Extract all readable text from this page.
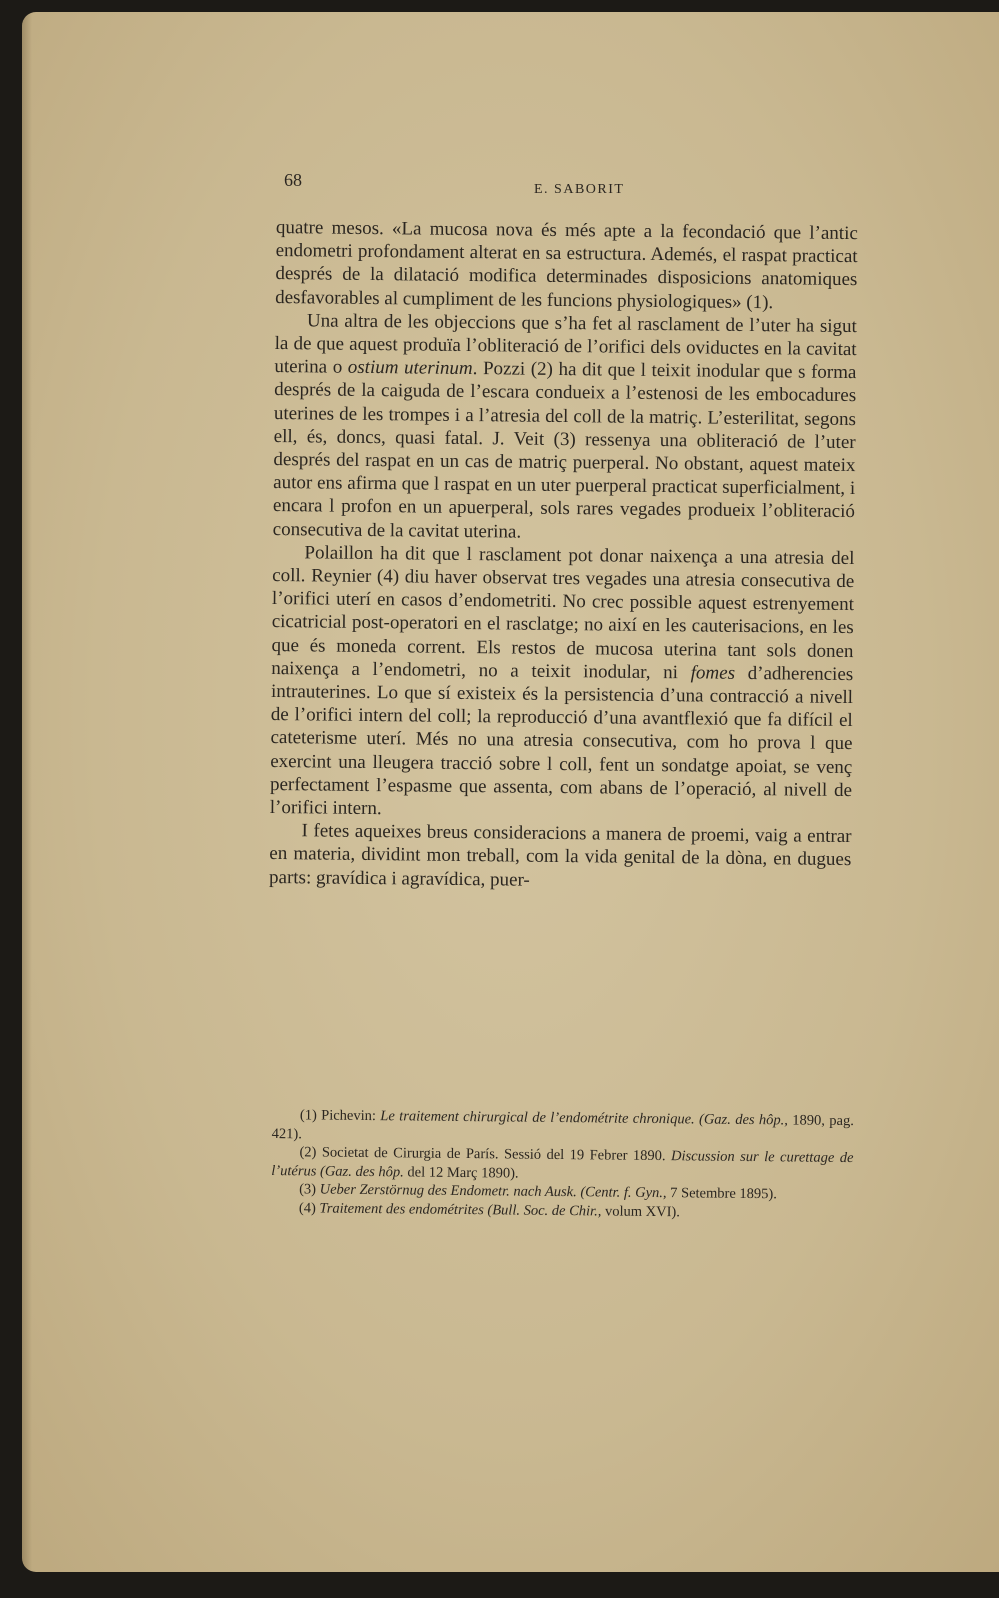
68	E. SABORIT

quatre mesos. «La mucosa nova és més apte a la fecondació que l’antic endometri profondament alterat en sa estructura. Ademés, el raspat practicat després de la dilatació modifica determinades disposicions anatomiques desfavorables al cumpliment de les funcions physiologiques» (1).

Una altra de les objeccions que s’ha fet al rasclament de l’uter ha sigut la de que aquest produïa l’obliteració de l’orifici dels oviductes en la cavitat uterina o ostium uterinum. Pozzi (2) ha dit que l teixit inodular que s forma després de la caiguda de l’escara condueix a l’estenosi de les embocadures uterines de les trompes i a l’atresia del coll de la matriç. L’esterilitat, segons ell, és, doncs, quasi fatal. J. Veit (3) ressenya una obliteració de l’uter després del raspat en un cas de matriç puerperal. No obstant, aquest mateix autor ens afirma que l raspat en un uter puerperal practicat superficialment, i encara l profon en un apuerperal, sols rares vegades produeix l’obliteració consecutiva de la cavitat uterina.

Polaillon ha dit que l rasclament pot donar naixença a una atresia del coll. Reynier (4) diu haver observat tres vegades una atresia consecutiva de l’orifici uterí en casos d’endometriti. No crec possible aquest estrenyement cicatricial post-operatori en el rasclatge; no així en les cauterisacions, en les que és moneda corrent. Els restos de mucosa uterina tant sols donen naixença a l’endometri, no a teixit inodular, ni fomes d’adherencies intrauterines. Lo que sí existeix és la persistencia d’una contracció a nivell de l’orifici intern del coll; la reproducció d’una avantflexió que fa difícil el cateterisme uterí. Més no una atresia consecutiva, com ho prova l que exercint una lleugera tracció sobre l coll, fent un sondatge apoiat, se venç perfectament l’espasme que assenta, com abans de l’operació, al nivell de l’orifici intern.

I fetes aqueixes breus consideracions a manera de proemi, vaig a entrar en materia, dividint mon treball, com la vida genital de la dòna, en dugues parts: gravídica i agravídica, puer-

(1) Pichevin: Le traitement chirurgical de l’endométrite chronique. (Gaz. des hôp., 1890, pag. 421).

(2) Societat de Cirurgia de París. Sessió del 19 Febrer 1890. Discussion sur le curettage de l’utérus (Gaz. des hôp. del 12 Març 1890).

(3) Ueber Zerstörnug des Endometr. nach Ausk. (Centr. f. Gyn., 7 Setembre 1895).

(4) Traitement des endométrites (Bull. Soc. de Chir., volum XVI).
